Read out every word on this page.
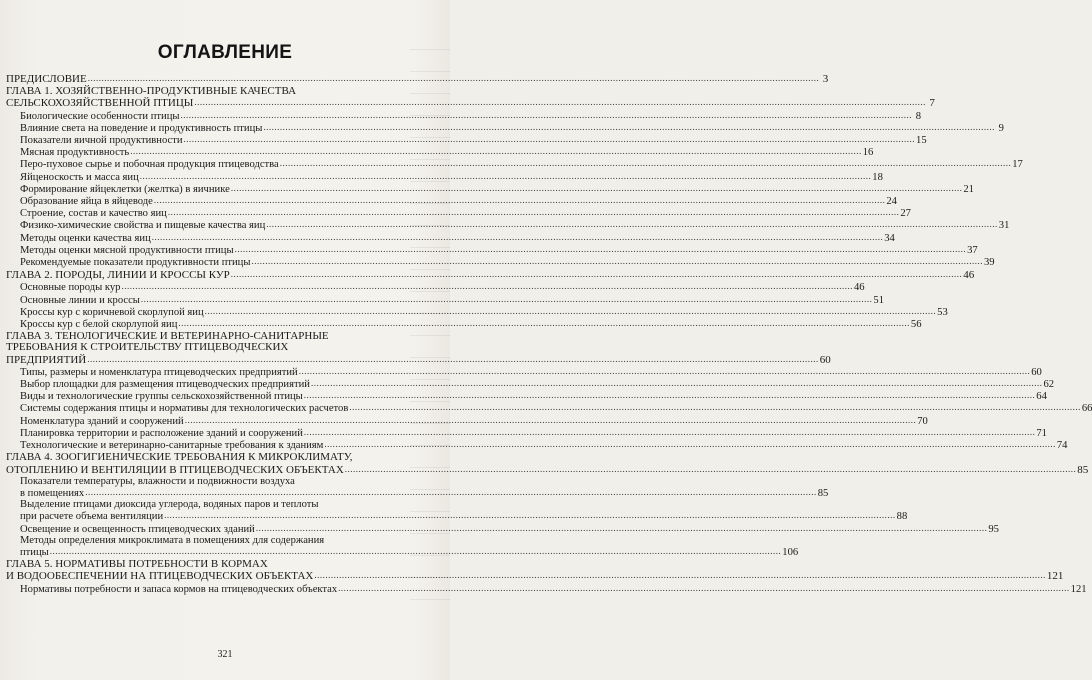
ОГЛАВЛЕНИЕ
ПРЕДИСЛОВИЕ .......................................................................................................................................................................................................................................................................... 3
ГЛАВА 1. ХОЗЯЙСТВЕННО-ПРОДУКТИВНЫЕ КАЧЕСТВА
СЕЛЬСКОХОЗЯЙСТВЕННОЙ ПТИЦЫ .......................................................................................................................................................................................................................................................................... 7
Биологические особенности птицы .......................................................................................................................................................................................................................................................................... 8
Влияние света на поведение и продуктивность птицы .......................................................................................................................................................................................................................................................................... 9
Показатели яичной продуктивности .......................................................................................................................................................................................................................................................................... 15
Мясная продуктивность .......................................................................................................................................................................................................................................................................... 16
Перо-пуховое сырье и побочная продукция птицеводства .......................................................................................................................................................................................................................................................................... 17
Яйценоскость и масса яиц .......................................................................................................................................................................................................................................................................... 18
Формирование яйцеклетки (желтка) в яичнике .......................................................................................................................................................................................................................................................................... 21
Образование яйца в яйцеводе .......................................................................................................................................................................................................................................................................... 24
Строение, состав и качество яиц .......................................................................................................................................................................................................................................................................... 27
Физико-химические свойства и пищевые качества яиц .......................................................................................................................................................................................................................................................................... 31
Методы оценки качества яиц .......................................................................................................................................................................................................................................................................... 34
Методы оценки мясной продуктивности птицы .......................................................................................................................................................................................................................................................................... 37
Рекомендуемые показатели продуктивности птицы .......................................................................................................................................................................................................................................................................... 39
ГЛАВА 2. ПОРОДЫ, ЛИНИИ И КРОССЫ КУР .......................................................................................................................................................................................................................................................................... 46
Основные породы кур .......................................................................................................................................................................................................................................................................... 46
Основные линии и кроссы .......................................................................................................................................................................................................................................................................... 51
Кроссы кур с коричневой скорлупой яиц .......................................................................................................................................................................................................................................................................... 53
Кроссы кур с белой скорлупой яиц .......................................................................................................................................................................................................................................................................... 56
ГЛАВА 3. ТЕНОЛОГИЧЕСКИЕ И ВЕТЕРИНАРНО-САНИТАРНЫЕ
ТРЕБОВАНИЯ К СТРОИТЕЛЬСТВУ ПТИЦЕВОДЧЕСКИХ
ПРЕДПРИЯТИЙ .......................................................................................................................................................................................................................................................................... 60
Типы, размеры и номенклатура птицеводческих предприятий .......................................................................................................................................................................................................................................................................... 60
Выбор площадки для размещения птицеводческих предприятий .......................................................................................................................................................................................................................................................................... 62
Виды и технологические группы сельскохозяйственной птицы .......................................................................................................................................................................................................................................................................... 64
Системы содержания птицы и нормативы для технологических расчетов .......................................................................................................................................................................................................................................................................... 66
Номенклатура зданий и сооружений .......................................................................................................................................................................................................................................................................... 70
Планировка территории и расположение зданий и сооружений .......................................................................................................................................................................................................................................................................... 71
Технологические и ветеринарно-санитарные требования к зданиям .......................................................................................................................................................................................................................................................................... 74
ГЛАВА 4. ЗООГИГИЕНИЧЕСКИЕ ТРЕБОВАНИЯ К МИКРОКЛИМАТУ,
ОТОПЛЕНИЮ И ВЕНТИЛЯЦИИ В ПТИЦЕВОДЧЕСКИХ ОБЪЕКТАХ .......................................................................................................................................................................................................................................................................... 85
Показатели температуры, влажности и подвижности воздуха
в помещениях .......................................................................................................................................................................................................................................................................... 85
Выделение птицами диоксида углерода, водяных паров и теплоты
при расчете объема вентиляции .......................................................................................................................................................................................................................................................................... 88
Освещение и освещенность птицеводческих зданий .......................................................................................................................................................................................................................................................................... 95
Методы определения микроклимата в помещениях для содержания
птицы .......................................................................................................................................................................................................................................................................... 106
ГЛАВА 5. НОРМАТИВЫ ПОТРЕБНОСТИ В КОРМАХ
И ВОДООБЕСПЕЧЕНИИ НА ПТИЦЕВОДЧЕСКИХ ОБЪЕКТАХ .......................................................................................................................................................................................................................................................................... 121
Нормативы потребности и запаса кормов на птицеводческих объектах .......................................................................................................................................................................................................................................................................... 121
321
